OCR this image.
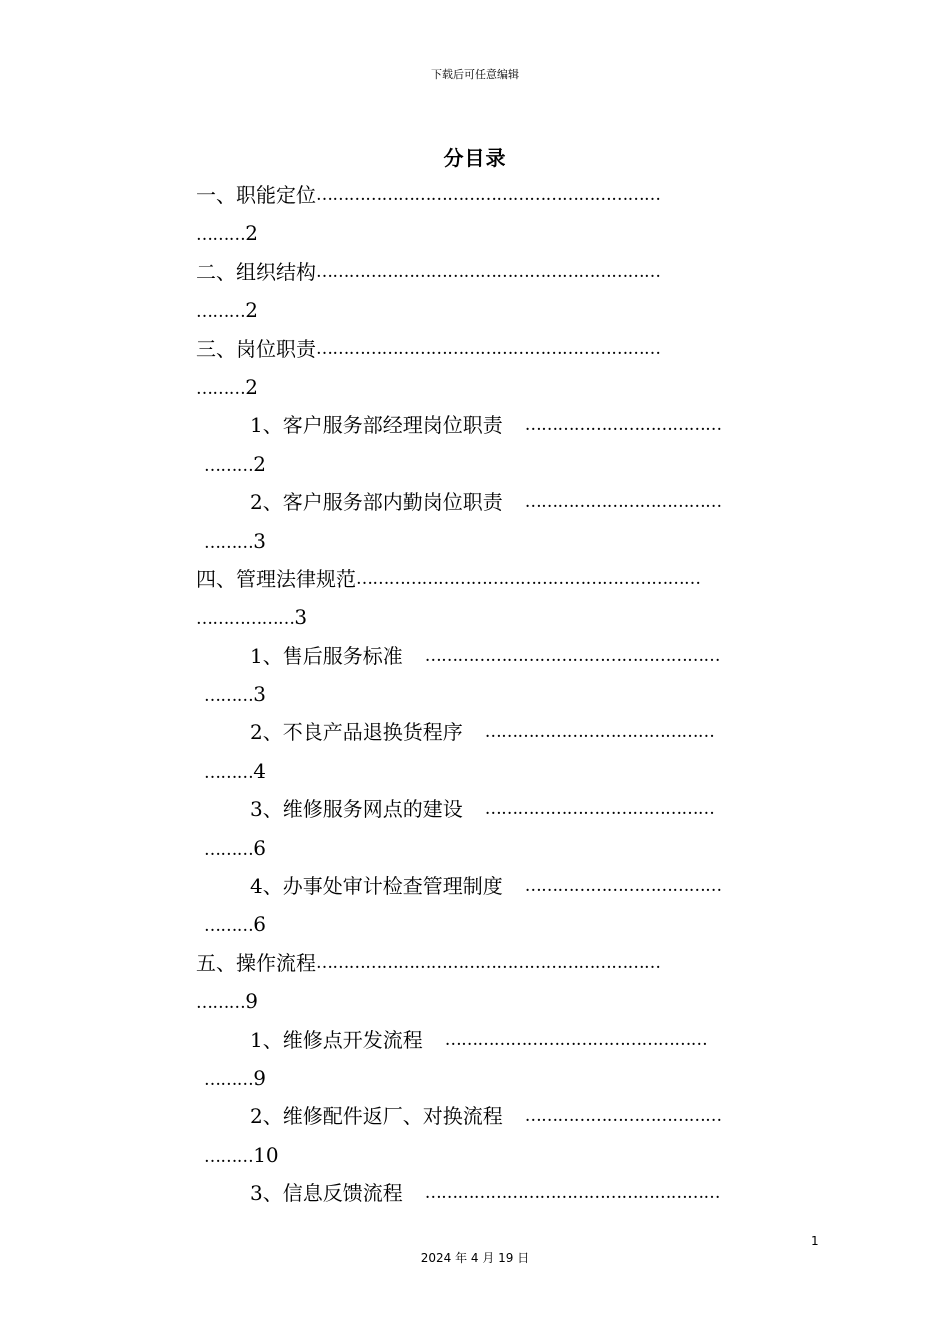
下载后可任意编辑
分目录
一、职能定位 ………………………………………………………
………2
二、组织结构 ………………………………………………………
………2
三、岗位职责 ………………………………………………………
………2
1、客户服务部经理岗位职责 ………………………………
………2
2、客户服务部内勤岗位职责 ………………………………
………3
四、管理法律规范 ………………………………………………………
………………3
1、售后服务标准 ………………………………………………
………3
2、不良产品退换货程序 ……………………………………
………4
3、维修服务网点的建设 ……………………………………
………6
4、办事处审计检查管理制度 ………………………………
………6
五、操作流程 ………………………………………………………
………9
1、维修点开发流程 …………………………………………
………9
2、维修配件返厂、对换流程 ………………………………
………10
3、信息反馈流程 ………………………………………………
1
2024 年 4 月 19 日
